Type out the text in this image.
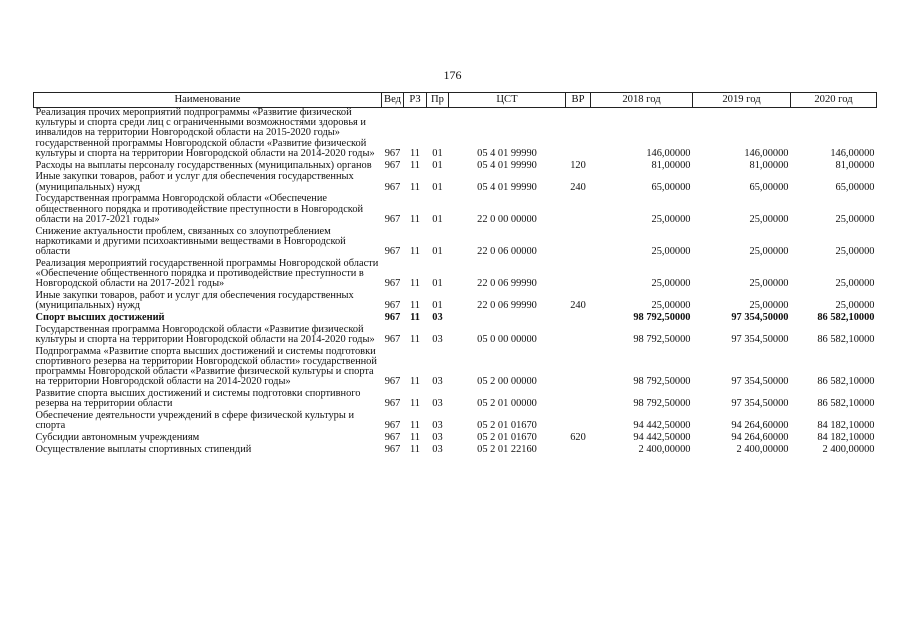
176
Наименование	Вед	РЗ	Пр	ЦСТ	ВР	2018 год	2019 год	2020 год
Реализация прочих мероприятий подпрограммы «Развитие физической культуры и спорта среди лиц с ограниченными возможностями здоровья и инвалидов на территории Новгородской области на 2015-2020 годы» государственной программы Новгородской области «Развитие физической культуры и спорта на территории Новгородской области на 2014-2020 годы»	967	11	01	05 4 01 99990		146,00000	146,00000	146,00000
Расходы на выплаты персоналу государственных (муниципальных) органов	967	11	01	05 4 01 99990	120	81,00000	81,00000	81,00000
Иные закупки товаров, работ и услуг для обеспечения государственных (муниципальных) нужд	967	11	01	05 4 01 99990	240	65,00000	65,00000	65,00000
Государственная программа Новгородской области «Обеспечение общественного порядка и противодействие преступности в Новгородской области на 2017-2021 годы»	967	11	01	22 0 00 00000		25,00000	25,00000	25,00000
Снижение актуальности проблем, связанных со злоупотреблением наркотиками и другими психоактивными веществами в Новгородской области	967	11	01	22 0 06 00000		25,00000	25,00000	25,00000
Реализация мероприятий государственной программы Новгородской области «Обеспечение общественного порядка и противодействие преступности в Новгородской области на 2017-2021 годы»	967	11	01	22 0 06 99990		25,00000	25,00000	25,00000
Иные закупки товаров, работ и услуг для обеспечения государственных (муниципальных) нужд	967	11	01	22 0 06 99990	240	25,00000	25,00000	25,00000
Спорт высших достижений	967	11	03			98 792,50000	97 354,50000	86 582,10000
Государственная программа Новгородской области «Развитие физической культуры и спорта на территории Новгородской области на 2014-2020 годы»	967	11	03	05 0 00 00000		98 792,50000	97 354,50000	86 582,10000
Подпрограмма «Развитие спорта высших достижений и системы подготовки спортивного резерва на территории Новгородской области» государственной программы Новгородской области «Развитие физической культуры и спорта на территории Новгородской области на 2014-2020 годы»	967	11	03	05 2 00 00000		98 792,50000	97 354,50000	86 582,10000
Развитие спорта высших достижений и системы подготовки спортивного резерва на территории области	967	11	03	05 2 01 00000		98 792,50000	97 354,50000	86 582,10000
Обеспечение деятельности учреждений в сфере физической культуры и спорта	967	11	03	05 2 01 01670		94 442,50000	94 264,60000	84 182,10000
Субсидии автономным учреждениям	967	11	03	05 2 01 01670	620	94 442,50000	94 264,60000	84 182,10000
Осуществление выплаты спортивных стипендий	967	11	03	05 2 01 22160		2 400,00000	2 400,00000	2 400,00000
